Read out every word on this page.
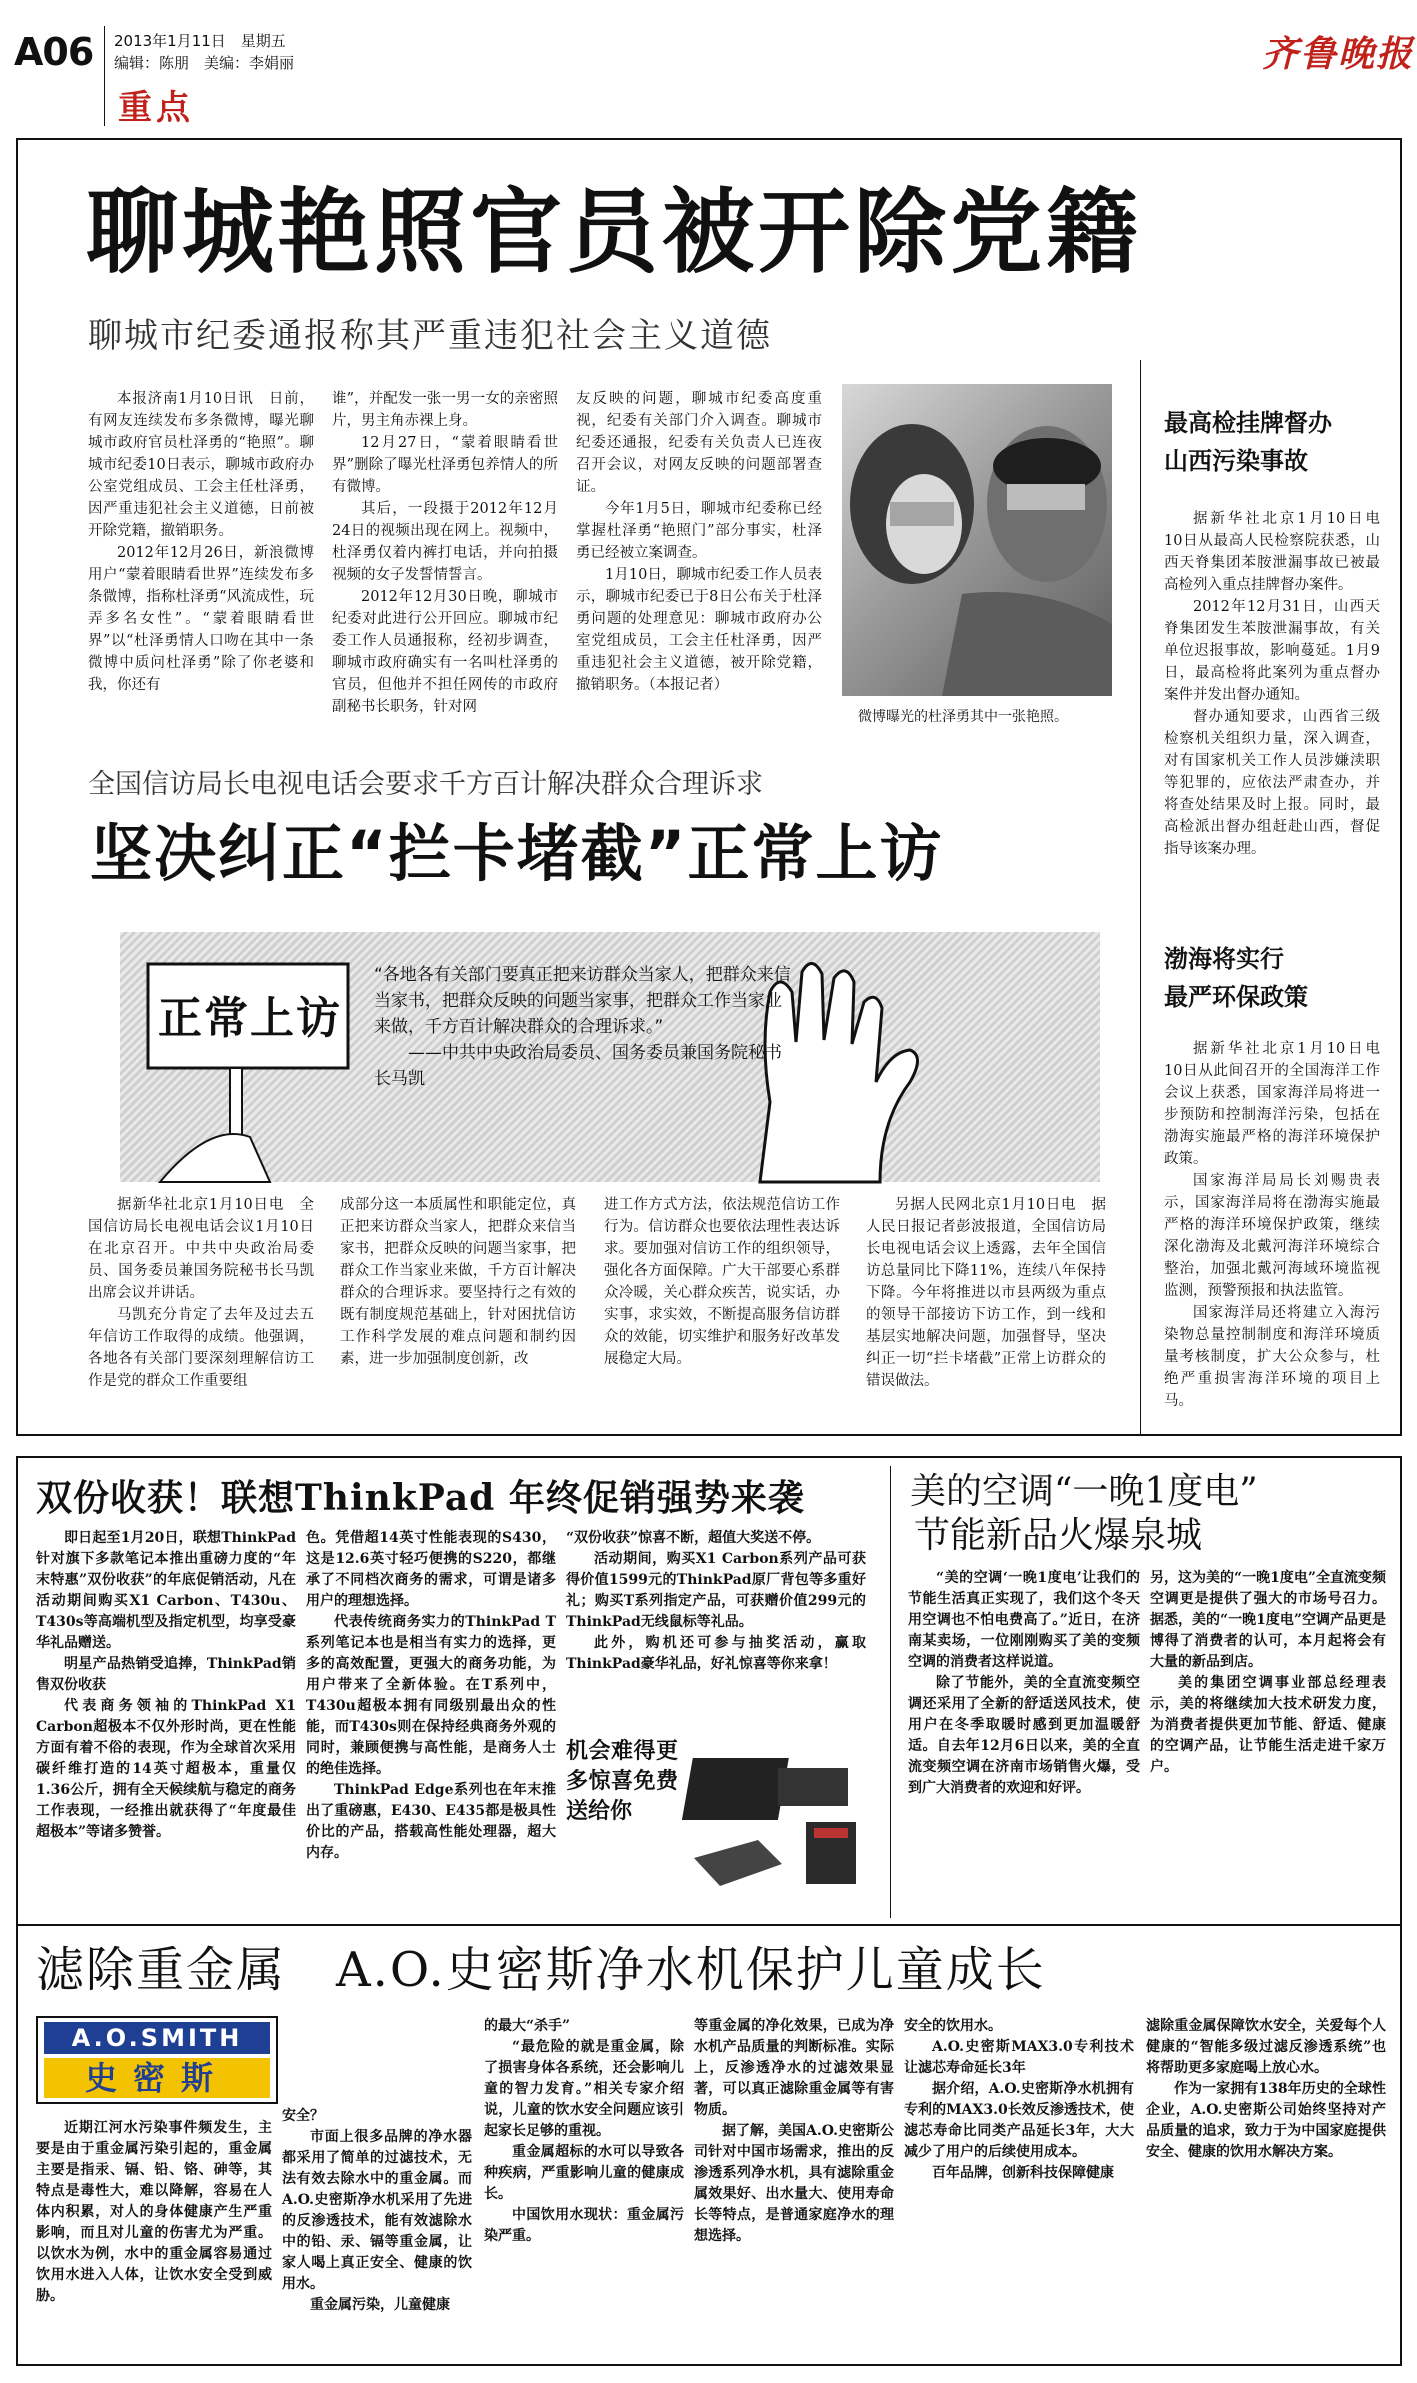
A06 2013年1月11日　星期五
编辑：陈朋　美编：李娟丽
重点
齐鲁晚报
聊城艳照官员被开除党籍
聊城市纪委通报称其严重违犯社会主义道德

本报济南1月10日讯　日前，有网友连续发布多条微博，曝光聊城市政府官员杜泽勇的“艳照”。聊城市纪委10日表示，聊城市政府办公室党组成员、工会主任杜泽勇，因严重违犯社会主义道德，日前被开除党籍，撤销职务。

2012年12月26日，新浪微博用户“蒙着眼睛看世界”连续发布多条微博，指称杜泽勇“风流成性，玩弄多名女性”。“蒙着眼睛看世界”以“杜泽勇情人口吻在其中一条微博中质问杜泽勇”除了你老婆和我，你还有

谁”，并配发一张一男一女的亲密照片，男主角赤裸上身。

12月27日，“蒙着眼睛看世界”删除了曝光杜泽勇包养情人的所有微博。

其后，一段摄于2012年12月24日的视频出现在网上。视频中，杜泽勇仅着内裤打电话，并向拍摄视频的女子发誓情誓言。

2012年12月30日晚，聊城市纪委对此进行公开回应。聊城市纪委工作人员通报称，经初步调查，聊城市政府确实有一名叫杜泽勇的官员，但他并不担任网传的市政府副秘书长职务，针对网

友反映的问题，聊城市纪委高度重视，纪委有关部门介入调查。聊城市纪委还通报，纪委有关负责人已连夜召开会议，对网友反映的问题部署查证。

今年1月5日，聊城市纪委称已经掌握杜泽勇“艳照门”部分事实，杜泽勇已经被立案调查。

1月10日，聊城市纪委工作人员表示，聊城市纪委已于8日公布关于杜泽勇问题的处理意见：聊城市政府办公室党组成员，工会主任杜泽勇，因严重违犯社会主义道德，被开除党籍，撤销职务。（本报记者）

微博曝光的杜泽勇其中一张艳照。
最高检挂牌督办
山西污染事故

据新华社北京1月10日电　10日从最高人民检察院获悉，山西天脊集团苯胺泄漏事故已被最高检列入重点挂牌督办案件。

2012年12月31日，山西天脊集团发生苯胺泄漏事故，有关单位迟报事故，影响蔓延。1月9日，最高检将此案列为重点督办案件并发出督办通知。

督办通知要求，山西省三级检察机关组织力量，深入调查，对有国家机关工作人员涉嫌渎职等犯罪的，应依法严肃查办，并将查处结果及时上报。同时，最高检派出督办组赶赴山西，督促指导该案办理。

渤海将实行
最严环保政策

据新华社北京1月10日电　10日从此间召开的全国海洋工作会议上获悉，国家海洋局将进一步预防和控制海洋污染，包括在渤海实施最严格的海洋环境保护政策。

国家海洋局局长刘赐贵表示，国家海洋局将在渤海实施最严格的海洋环境保护政策，继续深化渤海及北戴河海洋环境综合整治，加强北戴河海域环境监视监测，预警预报和执法监管。

国家海洋局还将建立入海污染物总量控制制度和海洋环境质量考核制度，扩大公众参与，杜绝严重损害海洋环境的项目上马。

全国信访局长电视电话会要求千方百计解决群众合理诉求
坚决纠正“拦卡堵截”正常上访
正常上访
“各地各有关部门要真正把来访群众当家人，把群众来信当家书，把群众反映的问题当家事，把群众工作当家业来做，千方百计解决群众的合理诉求。”
——中共中央政治局委员、国务委员兼国务院秘书长马凯

据新华社北京1月10日电　全国信访局长电视电话会议1月10日在北京召开。中共中央政治局委员、国务委员兼国务院秘书长马凯出席会议并讲话。

马凯充分肯定了去年及过去五年信访工作取得的成绩。他强调，各地各有关部门要深刻理解信访工作是党的群众工作重要组

成部分这一本质属性和职能定位，真正把来访群众当家人，把群众来信当家书，把群众反映的问题当家事，把群众工作当家业来做，千方百计解决群众的合理诉求。要坚持行之有效的既有制度规范基础上，针对困扰信访工作科学发展的难点问题和制约因素，进一步加强制度创新，改

进工作方式方法，依法规范信访工作行为。信访群众也要依法理性表达诉求。要加强对信访工作的组织领导，强化各方面保障。广大干部要心系群众冷暖，关心群众疾苦，说实话，办实事，求实效，不断提高服务信访群众的效能，切实维护和服务好改革发展稳定大局。

另据人民网北京1月10日电　据人民日报记者彭波报道，全国信访局长电视电话会议上透露，去年全国信访总量同比下降11%，连续八年保持下降。今年将推进以市县两级为重点的领导干部接访下访工作，到一线和基层实地解决问题，加强督导，坚决纠正一切“拦卡堵截”正常上访群众的错误做法。

双份收获！联想ThinkPad 年终促销强势来袭

即日起至1月20日，联想ThinkPad针对旗下多款笔记本推出重磅力度的“年末特惠”双份收获”的年底促销活动，凡在活动期间购买X1 Carbon、T430u、T430s等高端机型及指定机型，均享受豪华礼品赠送。

明星产品热销受追捧，ThinkPad销售双份收获

代表商务领袖的ThinkPad X1 Carbon超极本不仅外形时尚，更在性能方面有着不俗的表现，作为全球首次采用碳纤维打造的14英寸超极本，重量仅1.36公斤，拥有全天候续航与稳定的商务工作表现，一经推出就获得了“年度最佳超极本”等诸多赞誉。

色。凭借超14英寸性能表现的S430，这是12.6英寸轻巧便携的S220，都继承了不同档次商务的需求，可谓是诸多用户的理想选择。

代表传统商务实力的ThinkPad T系列笔记本也是相当有实力的选择，更多的高效配置，更强大的商务功能，为用户带来了全新体验。在T系列中，T430u超极本拥有同级别最出众的性能，而T430s则在保持经典商务外观的同时，兼顾便携与高性能，是商务人士的绝佳选择。

ThinkPad Edge系列也在年末推出了重磅惠，E430、E435都是极具性价比的产品，搭载高性能处理器，超大内存。

“双份收获”惊喜不断，超值大奖送不停。

活动期间，购买X1 Carbon系列产品可获得价值1599元的ThinkPad原厂背包等多重好礼；购买T系列指定产品，可获赠价值299元的ThinkPad无线鼠标等礼品。

此外，购机还可参与抽奖活动，赢取ThinkPad豪华礼品，好礼惊喜等你来拿！

机会难得更多惊喜免费送给你
美的空调“一晚1度电”
节能新品火爆泉城

“美的空调‘一晚1度电’让我们的节能生活真正实现了，我们这个冬天用空调也不怕电费高了。”近日，在济南某卖场，一位刚刚购买了美的变频空调的消费者这样说道。

除了节能外，美的全直流变频空调还采用了全新的舒适送风技术，使用户在冬季取暖时感到更加温暖舒适。自去年12月6日以来，美的全直流变频空调在济南市场销售火爆，受到广大消费者的欢迎和好评。

另，这为美的“一晚1度电”全直流变频空调更是提供了强大的市场号召力。据悉，美的“一晚1度电”空调产品更是博得了消费者的认可，本月起将会有大量的新品到店。

美的集团空调事业部总经理表示，美的将继续加大技术研发力度，为消费者提供更加节能、舒适、健康的空调产品，让节能生活走进千家万户。

滤除重金属　A.O.史密斯净水机保护儿童成长
A.O.SMITH
史密斯

近期江河水污染事件频发生，主要是由于重金属污染引起的，重金属主要是指汞、镉、铅、铬、砷等，其特点是毒性大，难以降解，容易在人体内积累，对人的身体健康产生严重影响，而且对儿童的伤害尤为严重。以饮水为例，水中的重金属容易通过饮用水进入人体，让饮水安全受到威胁。

安全？

市面上很多品牌的净水器都采用了简单的过滤技术，无法有效去除水中的重金属。而A.O.史密斯净水机采用了先进的反渗透技术，能有效滤除水中的铅、汞、镉等重金属，让家人喝上真正安全、健康的饮用水。

重金属污染，儿童健康

的最大“杀手”

“最危险的就是重金属，除了损害身体各系统，还会影响儿童的智力发育。”相关专家介绍说，儿童的饮水安全问题应该引起家长足够的重视。

重金属超标的水可以导致各种疾病，严重影响儿童的健康成长。

中国饮用水现状：重金属污染严重。

等重金属的净化效果，已成为净水机产品质量的判断标准。实际上，反渗透净水的过滤效果显著，可以真正滤除重金属等有害物质。

据了解，美国A.O.史密斯公司针对中国市场需求，推出的反渗透系列净水机，具有滤除重金属效果好、出水量大、使用寿命长等特点，是普通家庭净水的理想选择。

安全的饮用水。

A.O.史密斯MAX3.0专利技术让滤芯寿命延长3年

据介绍，A.O.史密斯净水机拥有专利的MAX3.0长效反渗透技术，使滤芯寿命比同类产品延长3年，大大减少了用户的后续使用成本。

百年品牌，创新科技保障健康

滤除重金属保障饮水安全，关爱每个人健康的“智能多级过滤反渗透系统”也将帮助更多家庭喝上放心水。

作为一家拥有138年历史的全球性企业，A.O.史密斯公司始终坚持对产品质量的追求，致力于为中国家庭提供安全、健康的饮用水解决方案。
